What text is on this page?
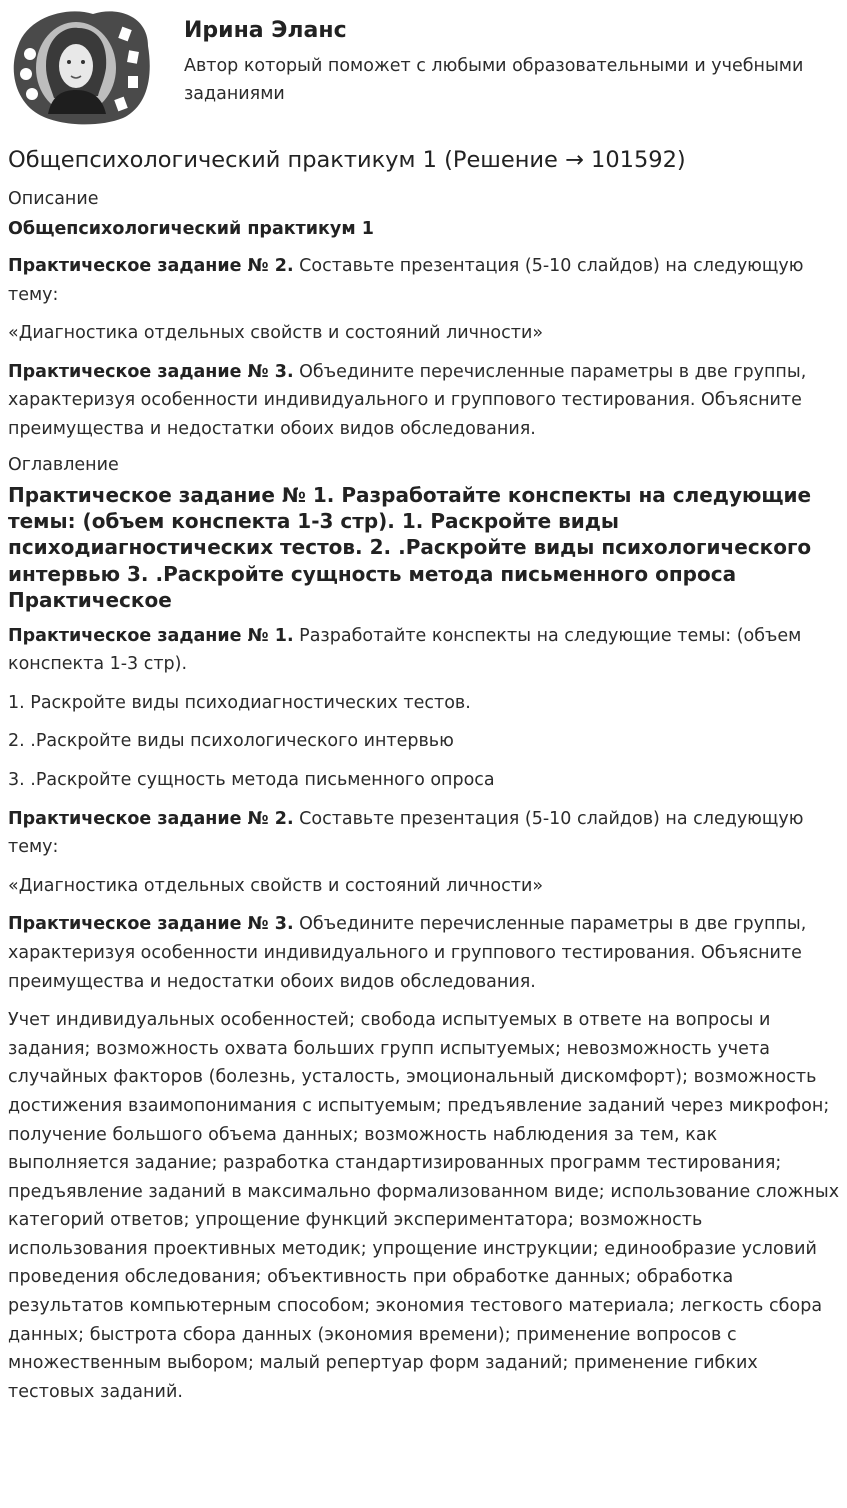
Ирина Эланс
Автор который поможет с любыми образовательными и учебными заданиями
Общепсихологический практикум 1 (Решение → 101592)
Описание
Общепсихологический практикум 1

Практическое задание № 2. Составьте презентация (5-10 слайдов) на следующую тему:

«Диагностика отдельных свойств и состояний личности»

Практическое задание № 3. Объедините перечисленные параметры в две группы, характеризуя особенности индивидуального и группового тестирования. Объясните преимущества и недостатки обоих видов обследования.

Оглавление
Практическое задание № 1. Разработайте конспекты на следующие темы: (объем конспекта 1-3 стр). 1. Раскройте виды психодиагностических тестов. 2. .Раскройте виды психологического интервью 3. .Раскройте сущность метода письменного опроса Практическое

Практическое задание № 1. Разработайте конспекты на следующие темы: (объем конспекта 1-3 стр).

1. Раскройте виды психодиагностических тестов.

2. .Раскройте виды психологического интервью

3. .Раскройте сущность метода письменного опроса

Практическое задание № 2. Составьте презентация (5-10 слайдов) на следующую тему:

«Диагностика отдельных свойств и состояний личности»

Практическое задание № 3. Объедините перечисленные параметры в две группы, характеризуя особенности индивидуального и группового тестирования. Объясните преимущества и недостатки обоих видов обследования.

Учет индивидуальных особенностей; свобода испытуемых в ответе на вопросы и задания; возможность охвата больших групп испытуемых; невозможность учета случайных факторов (болезнь, усталость, эмоциональный дискомфорт); возможность достижения взаимопонимания с испытуемым; предъявление заданий через микрофон; получение большого объема данных; возможность наблюдения за тем, как выполняется задание; разработка стандартизированных программ тестирования; предъявление заданий в максимально формализованном виде; использование сложных категорий ответов; упрощение функций экспериментатора; возможность использования проективных методик; упрощение инструкции; единообразие условий проведения обследования; объективность при обработке данных; обработка результатов компьютерным способом; экономия тестового материала; легкость сбора данных; быстрота сбора данных (экономия времени); применение вопросов с множественным выбором; малый репертуар форм заданий; применение гибких тестовых заданий.
